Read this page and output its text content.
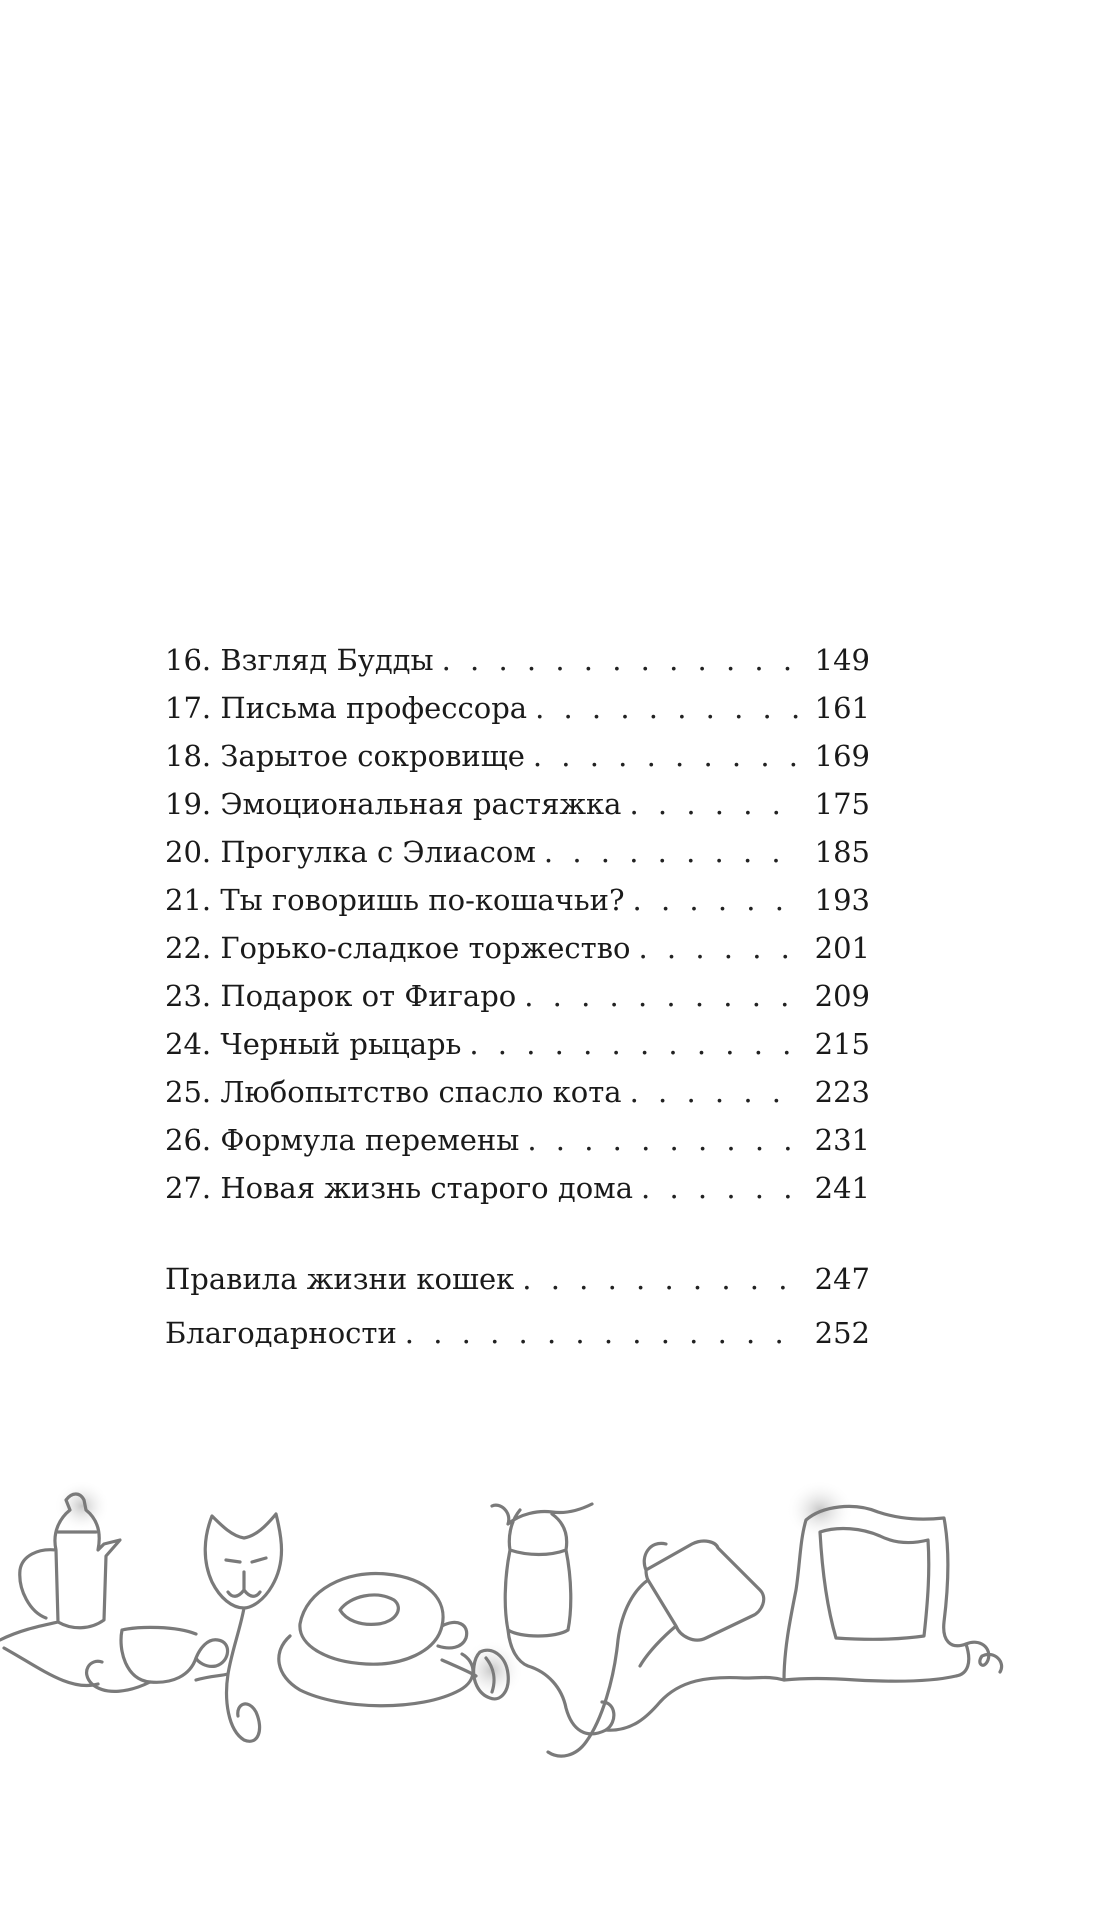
16. Взгляд Будды . . .	149
17. Письма профессора . . .	161
18. Зарытое сокровище . . .	169
19. Эмоциональная растяжка . . .	175
20. Прогулка с Элиасом . . .	185
21. Ты говоришь по-кошачьи? . . .	193
22. Горько-сладкое торжество . . .	201
23. Подарок от Фигаро . . .	209
24. Черный рыцарь . . .	215
25. Любопытство спасло кота . . .	223
26. Формула перемены . . .	231
27. Новая жизнь старого дома . . .	241
Правила жизни кошек . . .	247
Благодарности . . .	252
